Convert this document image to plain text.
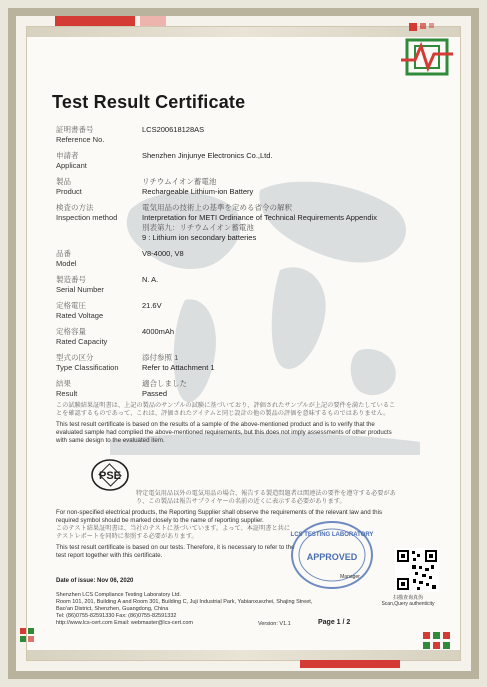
Test Result Certificate
証明書番号
Reference No.
LCS200618128AS
申請者
Applicant
Shenzhen Jinjunye Electronics Co.,Ltd.
製品
Product
リチウムイオン蓄電池
Rechargeable Lithium-ion Battery
検査の方法
Inspection method
電気用品の技術上の基準を定める省令の解釈
Interpretation for METI Ordinance of Technical Requirements Appendix
別表第九：リチウムイオン蓄電池
9 : Lithium ion secondary batteries
品番
Model
V8-4000, V8
製造番号
Serial Number
N. A.
定格電圧
Rated Voltage
21.6V
定格容量
Rated Capacity
4000mAh
型式の区分
Type Classification
添付参照 1
Refer to Attachment 1
結果
Result
適合しました
Passed
この試験結果証明書は、上記の製品のサンプルの試験に基づいており、評価されたサンプルが上記の要件を満たしていることを確認するものであって、これは、評価されたアイテムと同じ設計の他の製品の評価を意味するものではありません。
This test result certificate is based on the results of a sample of the above-mentioned product and is to verify that the evaluated sample had complied the above-mentioned requirements, but this does not imply assessments of other products with same design to the evaluated item.
PSE
特定電気用品以外の電気用品の場合、報告する製造問題者は関連法の要件を遵守する必要があり、この製品は報告サプライヤーの名前の近くに表示する必要があります。
For non-specified electrical products, the Reporting Supplier shall observe the requirements of the relevant law and this required symbol should be marked closely to the name of reporting supplier.
このテスト結果証明書は、当社のテストに基づいています。よって、本証明書と共にテストレポートを同時に参照する必要があります。
This test result certificate is based on our tests. Therefore, it is necessary to refer to the test report together with this certificate.
LCS TESTING LABORATORY
APPROVED
Manager
扫描查询真伪
Scan,Query authenticity
Date of issue: Nov 06, 2020
Shenzhen LCS Compliance Testing Laboratory Ltd.
Room 101, 201, Building A and Room 301, Building C, Juji Industrial Park, Yabianxuezhei, Shajing Street,
Bao'an District, Shenzhen, Guangdong, China
Tel: (86)0755-82591330 Fax: (86)0755-82591332
http://www.lcs-cert.com Email: webmaster@lcs-cert.com	Version: V1.1	Page 1 / 2
